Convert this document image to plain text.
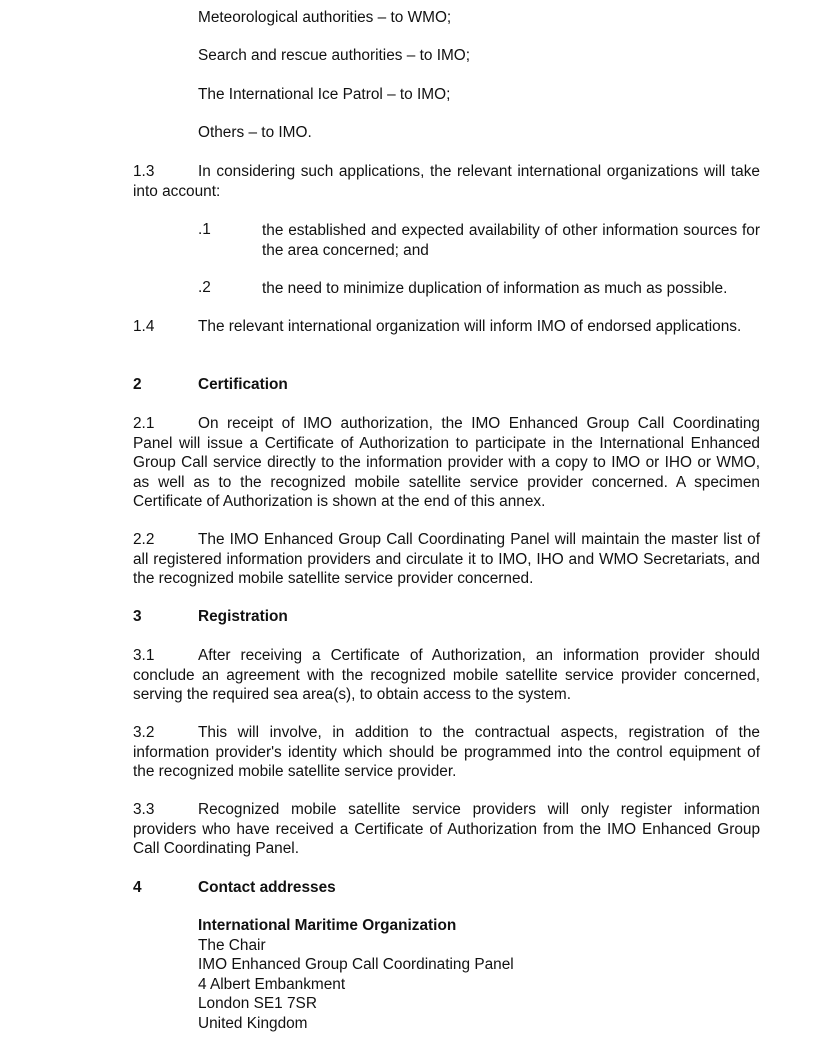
Meteorological authorities – to WMO;
Search and rescue authorities – to IMO;
The International Ice Patrol – to IMO;
Others – to IMO.
1.3	In considering such applications, the relevant international organizations will take into account:
.1	the established and expected availability of other information sources for the area concerned; and
.2	the need to minimize duplication of information as much as possible.
1.4	The relevant international organization will inform IMO of endorsed applications.
2	Certification
2.1	On receipt of IMO authorization, the IMO Enhanced Group Call Coordinating Panel will issue a Certificate of Authorization to participate in the International Enhanced Group Call service directly to the information provider with a copy to IMO or IHO or WMO, as well as to the recognized mobile satellite service provider concerned. A specimen Certificate of Authorization is shown at the end of this annex.
2.2	The IMO Enhanced Group Call Coordinating Panel will maintain the master list of all registered information providers and circulate it to IMO, IHO and WMO Secretariats, and the recognized mobile satellite service provider concerned.
3	Registration
3.1	After receiving a Certificate of Authorization, an information provider should conclude an agreement with the recognized mobile satellite service provider concerned, serving the required sea area(s), to obtain access to the system.
3.2	This will involve, in addition to the contractual aspects, registration of the information provider's identity which should be programmed into the control equipment of the recognized mobile satellite service provider.
3.3	Recognized mobile satellite service providers will only register information providers who have received a Certificate of Authorization from the IMO Enhanced Group Call Coordinating Panel.
4	Contact addresses
International Maritime Organization
The Chair
IMO Enhanced Group Call Coordinating Panel
4 Albert Embankment
London SE1 7SR
United Kingdom
